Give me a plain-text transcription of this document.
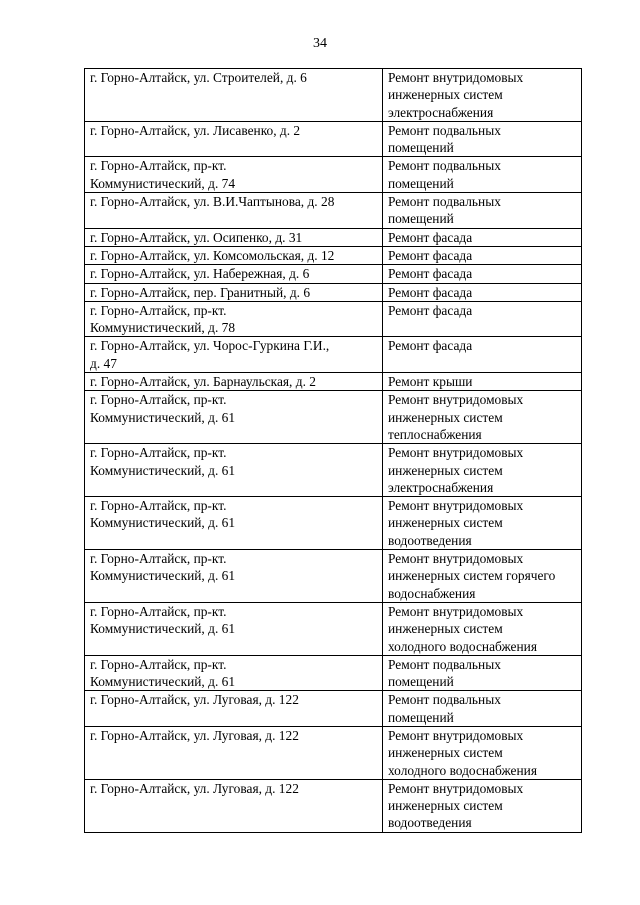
34
г. Горно-Алтайск, ул. Строителей, д. 6	Ремонт внутридомовых
инженерных систем
электроснабжения
г. Горно-Алтайск, ул. Лисавенко, д. 2	Ремонт подвальных
помещений
г. Горно-Алтайск, пр-кт.
Коммунистический, д. 74	Ремонт подвальных
помещений
г. Горно-Алтайск, ул. В.И.Чаптынова, д. 28	Ремонт подвальных
помещений
г. Горно-Алтайск, ул. Осипенко, д. 31	Ремонт фасада
г. Горно-Алтайск, ул. Комсомольская, д. 12	Ремонт фасада
г. Горно-Алтайск, ул. Набережная, д. 6	Ремонт фасада
г. Горно-Алтайск, пер. Гранитный, д. 6	Ремонт фасада
г. Горно-Алтайск, пр-кт.
Коммунистический, д. 78	Ремонт фасада
г. Горно-Алтайск, ул. Чорос-Гуркина Г.И.,
д. 47	Ремонт фасада
г. Горно-Алтайск, ул. Барнаульская, д. 2	Ремонт крыши
г. Горно-Алтайск, пр-кт.
Коммунистический, д. 61	Ремонт внутридомовых
инженерных систем
теплоснабжения
г. Горно-Алтайск, пр-кт.
Коммунистический, д. 61	Ремонт внутридомовых
инженерных систем
электроснабжения
г. Горно-Алтайск, пр-кт.
Коммунистический, д. 61	Ремонт внутридомовых
инженерных систем
водоотведения
г. Горно-Алтайск, пр-кт.
Коммунистический, д. 61	Ремонт внутридомовых
инженерных систем горячего
водоснабжения
г. Горно-Алтайск, пр-кт.
Коммунистический, д. 61	Ремонт внутридомовых
инженерных систем
холодного водоснабжения
г. Горно-Алтайск, пр-кт.
Коммунистический, д. 61	Ремонт подвальных
помещений
г. Горно-Алтайск, ул. Луговая, д. 122	Ремонт подвальных
помещений
г. Горно-Алтайск, ул. Луговая, д. 122	Ремонт внутридомовых
инженерных систем
холодного водоснабжения
г. Горно-Алтайск, ул. Луговая, д. 122	Ремонт внутридомовых
инженерных систем
водоотведения
